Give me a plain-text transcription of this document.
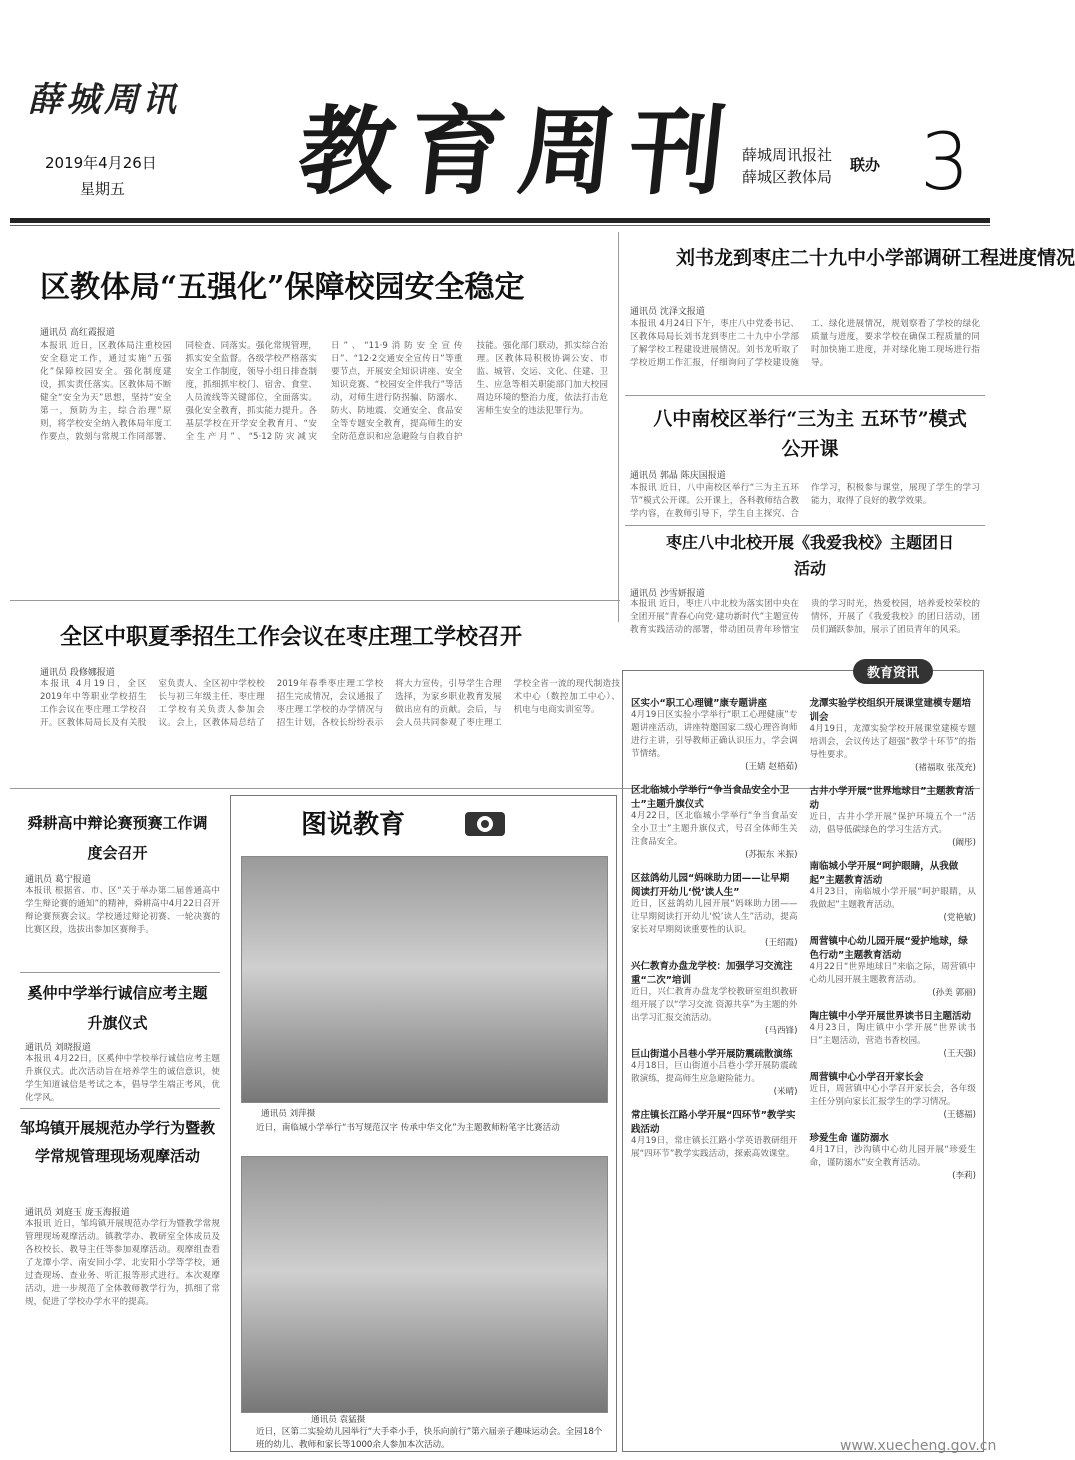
薛城周讯
2019年4月26日
星期五 教育周刊
薛城周讯报社
薛城区教体局
联办 3
区教体局“五强化”保障校园安全稳定
通讯员 高红霞报道
本报讯 近日，区教体局注重校园安全稳定工作，通过实施“五强化”保障校园安全。强化制度建设，抓实责任落实。区教体局不断健全“安全为天”思想，坚持“安全第一，预防为主，综合治理”原则，将学校安全纳入教体局年度工作要点，敦刻与常规工作同部署、同检查、同落实。强化常规管理，抓实安全监督。各级学校严格落实安全工作制度，领导小组日排查制度，抓细抓牢校门、宿舍、食堂、人员流线等关键部位，全面落实。强化安全教育，抓实能力提升。各基层学校在开学安全教育月、“安全生产月”、“5·12防灾减灾日”、“11·9消防安全宣传日”、“12·2交通安全宣传日”等重要节点，开展安全知识讲座、安全知识竞赛、“校园安全伴我行”等活动，对师生进行防拐骗、防溺水、防火、防地震、交通安全、食品安全等专题安全教育，提高师生的安全防范意识和应急避险与自救自护技能。强化部门联动，抓实综合治理。区教体局积极协调公安、市监、城管、交运、文化、住建、卫生、应急等相关职能部门加大校园周边环境的整治力度，依法打击危害师生安全的违法犯罪行为。
刘书龙到枣庄二十九中小学部调研工程进度情况
通讯员 沈泽文报道
本报讯 4月24日下午，枣庄八中党委书记、区教体局局长刘书龙到枣庄二十九中小学部了解学校工程建设进展情况。刘书龙听取了学校近期工作汇报，仔细询问了学校建设施工、绿化进展情况，规划察看了学校的绿化质量与进度，要求学校在确保工程质量的同时加快施工进度，并对绿化施工现场进行指导。
八中南校区举行“三为主 五环节”模式公开课
通讯员 郭晶 陈庆国报道
本报讯 近日，八中南校区举行“三为主五环节”模式公开课。公开课上，各科教师结合教学内容，在教师引导下，学生自主探究、合作学习，积极参与课堂，展现了学生的学习能力，取得了良好的教学效果。
枣庄八中北校开展《我爱我校》主题团日活动
通讯员 沙雪妍报道
本报讯 近日，枣庄八中北校为落实团中央在全团开展“青春心向党·建功新时代”主题宣传教育实践活动的部署，带动团员青年珍惜宝贵的学习时光，热爱校园，培养爱校荣校的情怀，开展了《我爱我校》的团日活动，团员们踊跃参加，展示了团员青年的风采。
全区中职夏季招生工作会议在枣庄理工学校召开
通讯员 段修娜报道
本报讯 4月19日，全区2019年中等职业学校招生工作会议在枣庄理工学校召开。区教体局局长及有关股室负责人、全区初中学校校长与初三年级主任、枣庄理工学校有关负责人参加会议。会上，区教体局总结了2019年春季枣庄理工学校招生完成情况，会议通报了枣庄理工学校的办学情况与招生计划，各校长纷纷表示将大力宣传，引导学生合理选择，为家乡职业教育发展做出应有的贡献。会后，与会人员共同参观了枣庄理工学校全省一流的现代制造技术中心（数控加工中心）、机电与电商实训室等。
舜耕高中辩论赛预赛工作调度会召开
通讯员 葛宁报道
本报讯 根据省、市、区“关于举办第二届普通高中学生辩论赛的通知”的精神，舜耕高中4月22日召开辩论赛预赛会议。学校通过辩论初赛、一轮决赛的比赛区段，选拔出参加区赛辩手。
奚仲中学举行诚信应考主题升旗仪式
通讯员 刘晓报道
本报讯 4月22日，区奚仲中学校举行诚信应考主题升旗仪式。此次活动旨在培养学生的诚信意识，使学生知道诚信是考试之本，倡导学生端正考风，优化学风。
邹坞镇开展规范办学行为暨教学常规管理现场观摩活动
通讯员 刘庭玉 庞玉海报道
本报讯 近日，邹坞镇开展规范办学行为暨教学常规管理现场观摩活动。镇教学办、教研室全体成员及各校校长、教导主任等参加观摩活动。观摩组查看了龙潭小学、南安回小学、北安阳小学等学校，通过查现场、查业务、听汇报等形式进行。本次观摩活动，进一步规范了全体教师教学行为，抓细了常规，促进了学校办学水平的提高。
图说教育
通讯员 刘萍摄
近日，南临城小学举行“书写规范汉字 传承中华文化”为主题教师粉笔字比赛活动
通讯员 袁猛摄
近日，区第二实验幼儿园举行“大手牵小手，快乐向前行”第六届亲子趣味运动会。全园18个班的幼儿、教师和家长等1000余人参加本次活动。
教育资讯
区实小“职工心理键”康专题讲座
4月19日区实验小学举行“职工心理健康”专题讲座活动，讲座特邀国家二级心理咨询师进行主讲，引导教师正确认识压力，学会调节情绪。
(王婧 赵梧茹)
区北临城小学举行“争当食品安全小卫士”主题升旗仪式
4月22日，区北临城小学举行“争当食品安全小卫士”主题升旗仪式，号召全体师生关注食品安全。
(苏振东 米振)
区兹鸽幼儿园“妈咪助力团——让早期阅读打开幼儿‘悦’读人生”
近日，区兹鸽幼儿园开展“妈咪助力团——让早期阅读打开幼儿‘悦’读人生”活动，提高家长对早期阅读重要性的认识。
(王绍霞)
兴仁教育办盘龙学校：加强学习交流注重“二次”培训
近日，兴仁教育办盘龙学校教研室组织教研组开展了以“学习交流 资源共享”为主题的外出学习汇报交流活动。
(马西锋)
巨山街道小吕巷小学开展防震疏散演练
4月18日，巨山街道小吕巷小学开展防震疏散演练，提高师生应急避险能力。
(米晴)
常庄镇长江路小学开展“四环节”教学实践活动
4月19日，常庄镇长江路小学英语教研组开展“四环节”教学实践活动，探索高效课堂。
龙潭实验学校组织开展课堂建模专题培训会
4月19日，龙潭实验学校开展课堂建模专题培训会，会议传达了超强“教学十环节”的指导性要求。
(褚福取 张茂充)
古井小学开展“世界地球日”主题教育活动
近日，古井小学开展“保护环境五个一”活动，倡导低碳绿色的学习生活方式。
(阚彤)
南临城小学开展“呵护眼睛，从我做起”主题教育活动
4月23日，南临城小学开展“呵护眼睛，从我做起”主题教育活动。
(党艳敏)
周营镇中心幼儿园开展“爱护地球，绿色行动”主题教育活动
4月22日“世界地球日”来临之际，周营镇中心幼儿园开展主题教育活动。
(孙美 郭丽)
陶庄镇中小学开展世界读书日主题活动
4月23日，陶庄镇中小学开展“世界读书日”主题活动，营造书香校园。
(王天强)
周营镇中心小学召开家长会
近日，周营镇中心小学召开家长会，各年级主任分别向家长汇报学生的学习情况。
(王德福)
珍爱生命 谨防溺水
4月17日，沙沟镇中心幼儿园开展“珍爱生命，谨防溺水”安全教育活动。
(李莉)
www.xuecheng.gov.cn
